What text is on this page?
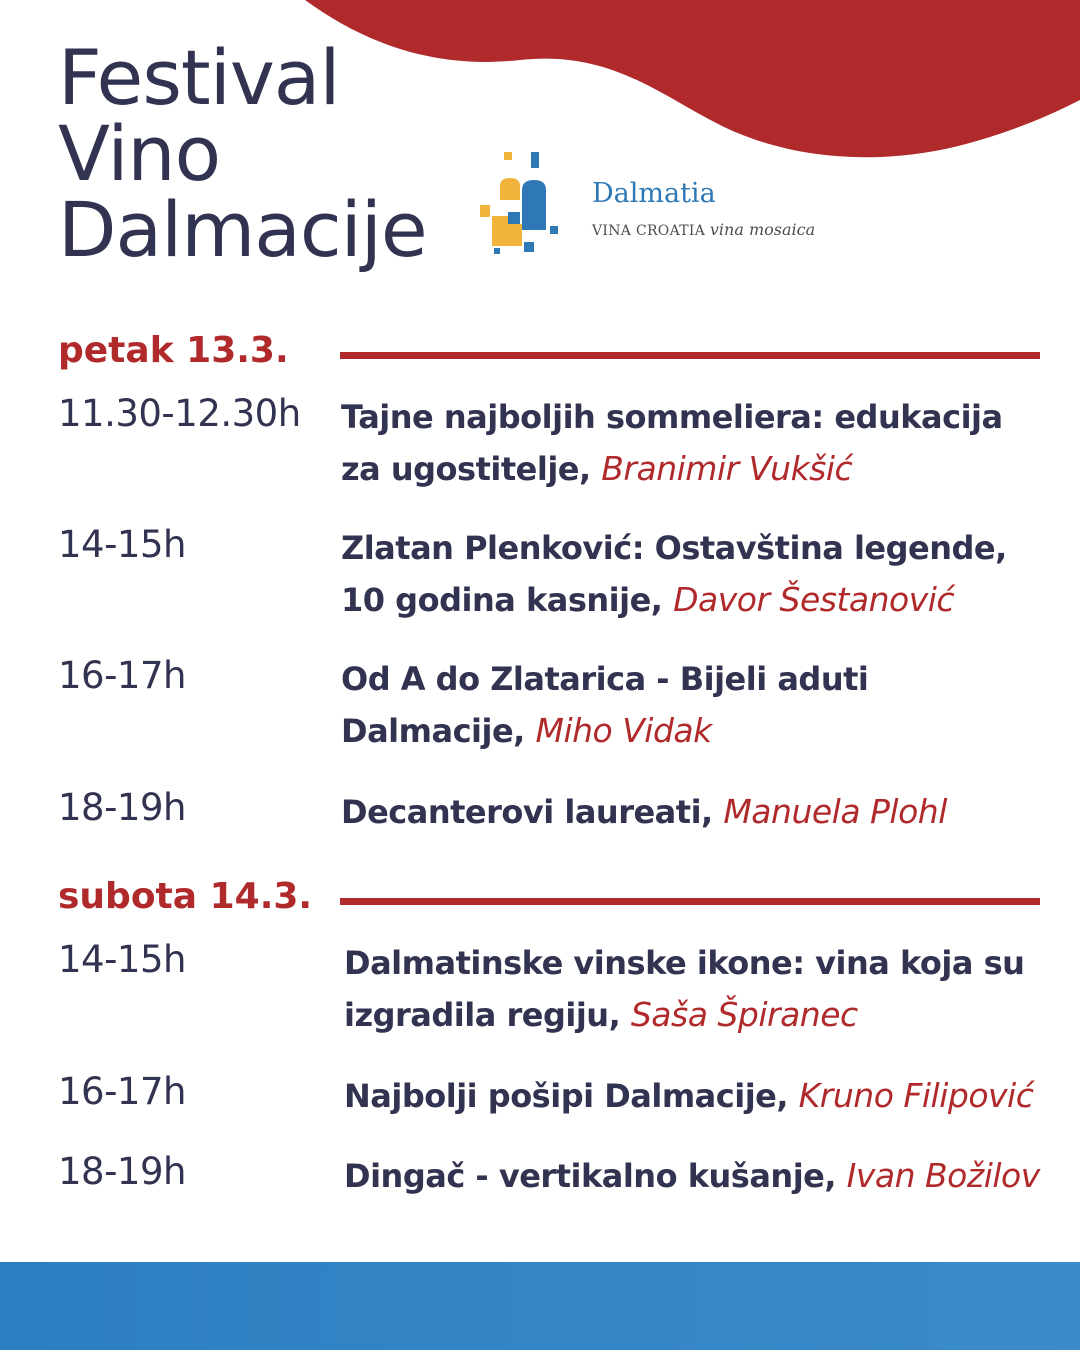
Festival
Vino
Dalmacije	Dalmatia
VINA CROATIA vina mosaica
petak 13.3.
11.30-12.30h Tajne najboljih sommeliera: edukacija
za ugostitelje, Branimir Vukšić
14-15h	Zlatan Plenković: Ostavština legende,
10 godina kasnije, Davor Šestanović
16-17h	Od A do Zlatarica - Bijeli aduti
Dalmacije, Miho Vidak
18-19h	Decanterovi laureati, Manuela Plohl
subota 14.3.
14-15h	Dalmatinske vinske ikone: vina koja su
izgradila regiju, Saša Špiranec
16-17h	Najbolji pošipi Dalmacije, Kruno Filipović
18-19h	Dingač - vertikalno kušanje, Ivan Božilov
